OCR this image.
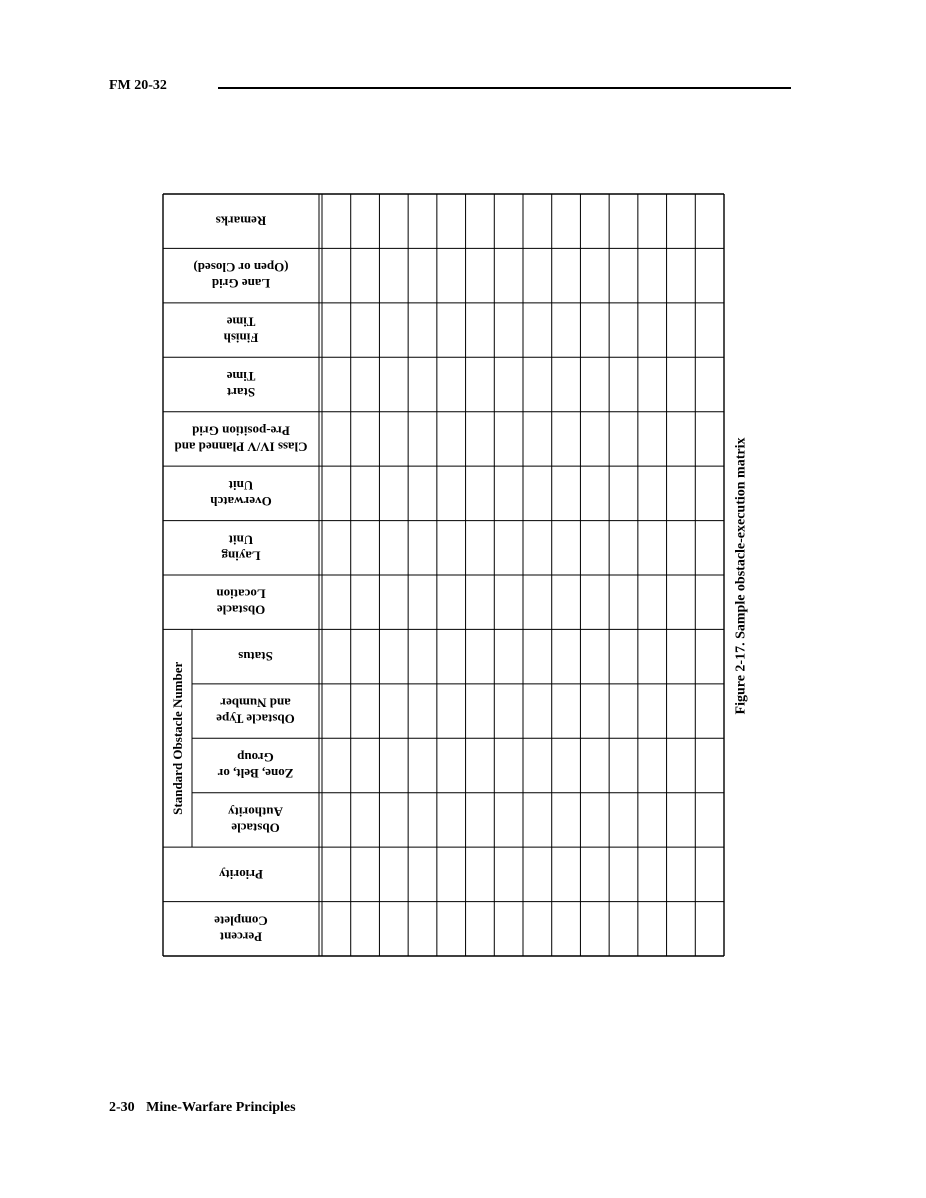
FM 20-32
Percent
Complete
Priority
Obstacle
Authority
Zone, Belt, or
Group
Obstacle Type
and Number
Status
Obstacle
Location
Laying
Unit
Overwatch
Unit
Class IV/V Planned and
Pre-position Grid
Start
Time
Finish
Time
Lane Grid
(Open or Closed)
Remarks
Standard Obstacle Number
Figure 2-17. Sample obstacle-execution matrix
2-30 Mine-Warfare Principles
